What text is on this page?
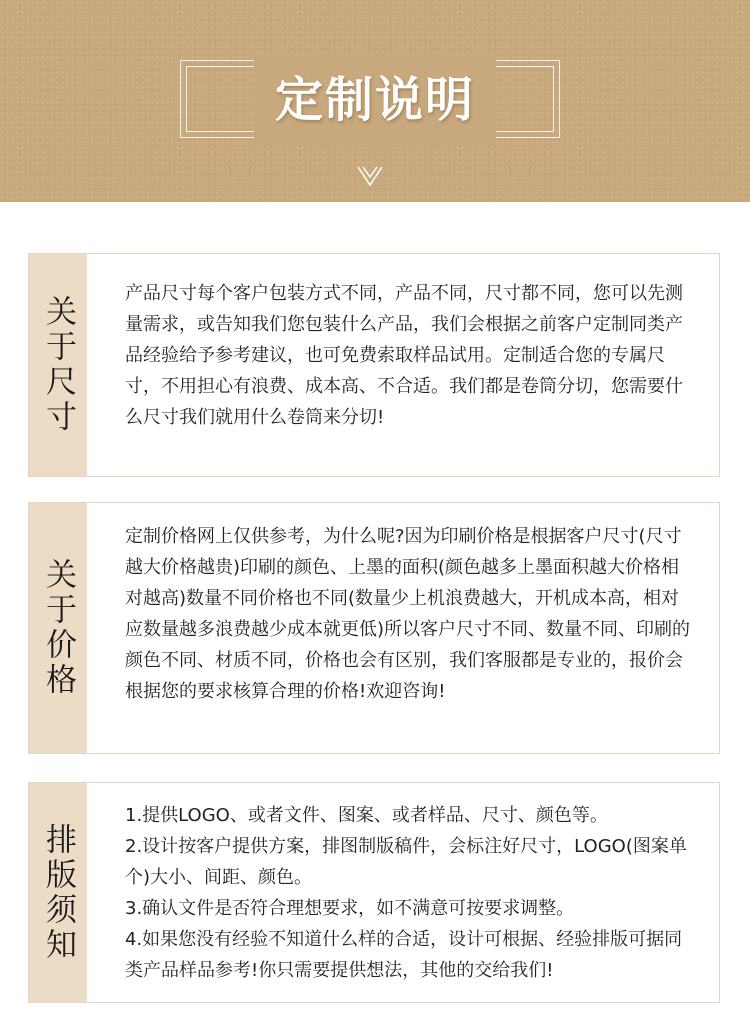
定制说明
关于尺寸

产品尺寸每个客户包装方式不同，产品不同，尺寸都不同，您可以先测量需求，或告知我们您包装什么产品，我们会根据之前客户定制同类产品经验给予参考建议，也可免费索取样品试用。定制适合您的专属尺寸，不用担心有浪费、成本高、不合适。我们都是卷筒分切，您需要什么尺寸我们就用什么卷筒来分切!

关于价格

定制价格网上仅供参考，为什么呢?因为印刷价格是根据客户尺寸(尺寸越大价格越贵)印刷的颜色、上墨的面积(颜色越多上墨面积越大价格相对越高)数量不同价格也不同(数量少上机浪费越大，开机成本高，相对应数量越多浪费越少成本就更低)所以客户尺寸不同、数量不同、印刷的颜色不同、材质不同，价格也会有区别，我们客服都是专业的，报价会根据您的要求核算合理的价格!欢迎咨询!

排版须知

1.提供LOGO、或者文件、图案、或者样品、尺寸、颜色等。

2.设计按客户提供方案，排图制版稿件，会标注好尺寸，LOGO(图案单个)大小、间距、颜色。

3.确认文件是否符合理想要求，如不满意可按要求调整。

4.如果您没有经验不知道什么样的合适，设计可根据、经验排版可据同类产品样品参考!你只需要提供想法，其他的交给我们!
